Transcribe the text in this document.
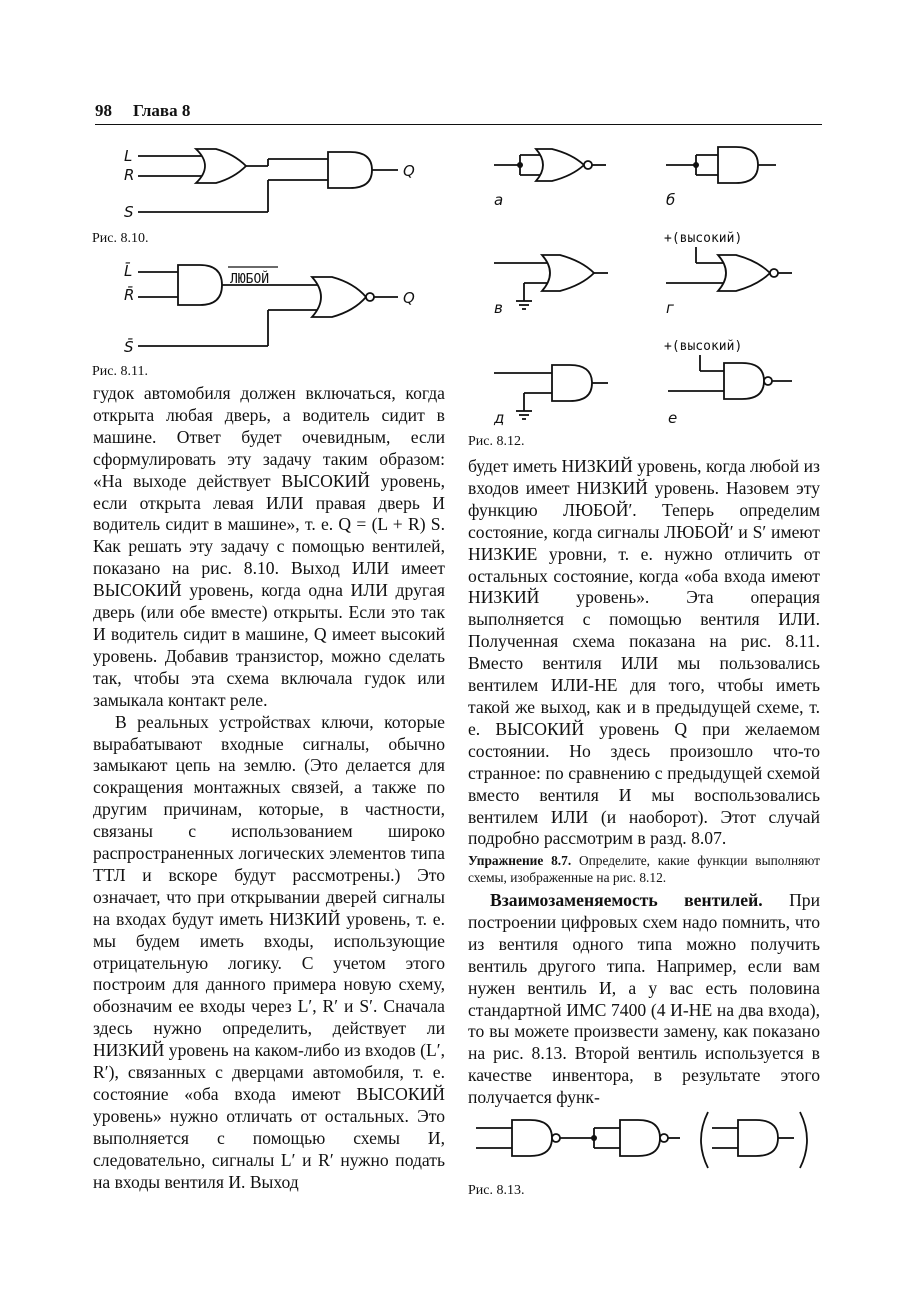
98 Глава 8
L
R
S
Q
Рис. 8.10.
L̄
R̄
S̄
ЛЮБОЙ
Q
Рис. 8.11.
а	б
+(высокий)
в	г
+(высокий)
д	е
Рис. 8.12.

гудок автомобиля должен включаться, когда открыта любая дверь, а водитель сидит в машине. Ответ будет очевидным, если сформулировать эту задачу таким образом: «На выходе действует ВЫСОКИЙ уровень, если открыта левая ИЛИ правая дверь И водитель сидит в машине», т. е. Q = (L + R) S. Как решать эту задачу с помощью вентилей, показано на рис. 8.10. Выход ИЛИ имеет ВЫСОКИЙ уровень, когда одна ИЛИ другая дверь (или обе вместе) открыты. Если это так И водитель сидит в машине, Q имеет высокий уровень. Добавив транзистор, можно сделать так, чтобы эта схема включала гудок или замыкала контакт реле.

В реальных устройствах ключи, которые вырабатывают входные сигналы, обычно замыкают цепь на землю. (Это делается для сокращения монтажных связей, а также по другим причинам, которые, в частности, связаны с использованием широко распространенных логических элементов типа ТТЛ и вскоре будут рассмотрены.) Это означает, что при открывании дверей сигналы на входах будут иметь НИЗКИЙ уровень, т. е. мы будем иметь входы, использующие отрицательную логику. С учетом этого построим для данного примера новую схему, обозначим ее входы через L′, R′ и S′. Сначала здесь нужно определить, действует ли НИЗКИЙ уровень на каком-либо из входов (L′, R′), связанных с дверцами автомобиля, т. е. состояние «оба входа имеют ВЫСОКИЙ уровень» нужно отличать от остальных. Это выполняется с помощью схемы И, следовательно, сигналы L′ и R′ нужно подать на входы вентиля И. Выход

будет иметь НИЗКИЙ уровень, когда любой из входов имеет НИЗКИЙ уровень. Назовем эту функцию ЛЮБОЙ′. Теперь определим состояние, когда сигналы ЛЮБОЙ′ и S′ имеют НИЗКИЕ уровни, т. е. нужно отличить от остальных состояние, когда «оба входа имеют НИЗКИЙ уровень». Эта операция выполняется с помощью вентиля ИЛИ. Полученная схема показана на рис. 8.11. Вместо вентиля ИЛИ мы пользовались вентилем ИЛИ-НЕ для того, чтобы иметь такой же выход, как и в предыдущей схеме, т. е. ВЫСОКИЙ уровень Q при желаемом состоянии. Но здесь произошло что-то странное: по сравнению с предыдущей схемой вместо вентиля И мы воспользовались вентилем ИЛИ (и наоборот). Этот случай подробно рассмотрим в разд. 8.07.

Упражнение 8.7. Определите, какие функции выполняют схемы, изображенные на рис. 8.12.

Взаимозаменяемость вентилей. При построении цифровых схем надо помнить, что из вентиля одного типа можно получить вентиль другого типа. Например, если вам нужен вентиль И, а у вас есть половина стандартной ИМС 7400 (4 И-НЕ на два входа), то вы можете произвести замену, как показано на рис. 8.13. Второй вентиль используется в качестве инвентора, в результате этого получается функ-

Рис. 8.13.
